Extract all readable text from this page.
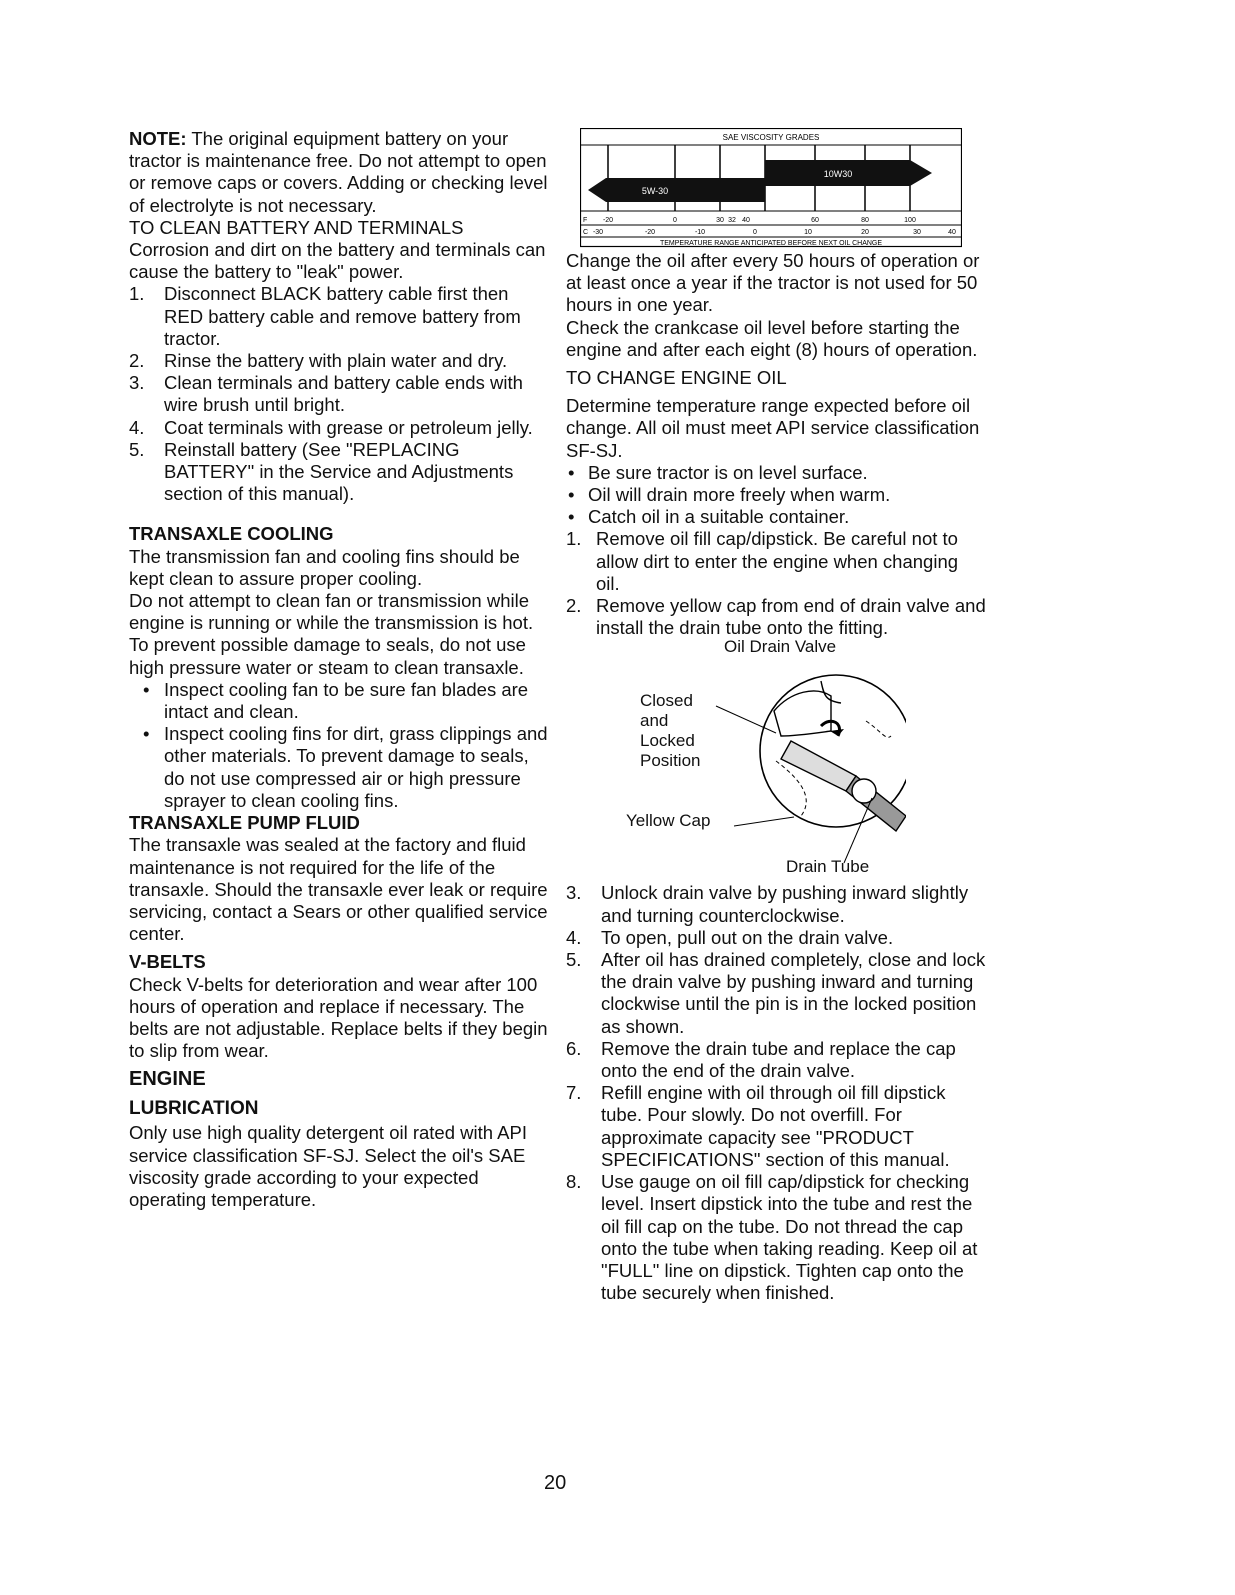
NOTE: The original equipment battery on your tractor is maintenance free. Do not attempt to open or remove caps or covers. Adding or checking level of electrolyte is not necessary.

TO CLEAN BATTERY AND TERMINALS

Corrosion and dirt on the battery and terminals can cause the battery to "leak" power.

1. Disconnect BLACK battery cable first then RED battery cable and remove battery from tractor.
2. Rinse the battery with plain water and dry.
3. Clean terminals and battery cable ends with wire brush until bright.
4. Coat terminals with grease or petroleum jelly.
5. Reinstall battery (See "REPLACING BATTERY" in the Service and Adjustments section of this manual).

TRANSAXLE COOLING

The transmission fan and cooling fins should be kept clean to assure proper cooling.

Do not attempt to clean fan or transmission while engine is running or while the transmission is hot. To prevent possible damage to seals, do not use high pressure water or steam to clean transaxle.

• Inspect cooling fan to be sure fan blades are intact and clean.
• Inspect cooling fins for dirt, grass clippings and other materials. To prevent damage to seals, do not use compressed air or high pressure sprayer to clean cooling fins.

TRANSAXLE PUMP FLUID

The transaxle was sealed at the factory and fluid maintenance is not required for the life of the transaxle. Should the transaxle ever leak or require servicing, contact a Sears or other qualified service center.

V-BELTS

Check V-belts for deterioration and wear after 100 hours of operation and replace if necessary. The belts are not adjustable. Replace belts if they begin to slip from wear.

ENGINE

LUBRICATION

Only use high quality detergent oil rated with API service classification SF-SJ. Select the oil's SAE viscosity grade according to your expected operating temperature.

SAE VISCOSITY GRADES
10W30
5W-30
F -20	0	30 32 40	60	80	100
C -30	-20	-10	0	10	20	30	40
TEMPERATURE RANGE ANTICIPATED BEFORE NEXT OIL CHANGE

Change the oil after every 50 hours of operation or at least once a year if the tractor is not used for 50 hours in one year.

Check the crankcase oil level before starting the engine and after each eight (8) hours of operation.

TO CHANGE ENGINE OIL

Determine temperature range expected before oil change. All oil must meet API service classification SF-SJ.

• Be sure tractor is on level surface.
• Oil will drain more freely when warm.
• Catch oil in a suitable container.
1. Remove oil fill cap/dipstick. Be careful not to allow dirt to enter the engine when changing oil.
2. Remove yellow cap from end of drain valve and install the drain tube onto the fitting.
Oil Drain Valve
Closed and Locked Position
Yellow Cap
Drain Tube
3. Unlock drain valve by pushing inward slightly and turning counterclockwise.
4. To open, pull out on the drain valve.
5. After oil has drained completely, close and lock the drain valve by pushing inward and turning clockwise until the pin is in the locked position as shown.
6. Remove the drain tube and replace the cap onto the end of the drain valve.
7. Refill engine with oil through oil fill dipstick tube. Pour slowly. Do not overfill. For approximate capacity see "PRODUCT SPECIFICATIONS" section of this manual.
8. Use gauge on oil fill cap/dipstick for checking level. Insert dipstick into the tube and rest the oil fill cap on the tube. Do not thread the cap onto the tube when taking reading. Keep oil at "FULL" line on dipstick. Tighten cap onto the tube securely when finished.
20
